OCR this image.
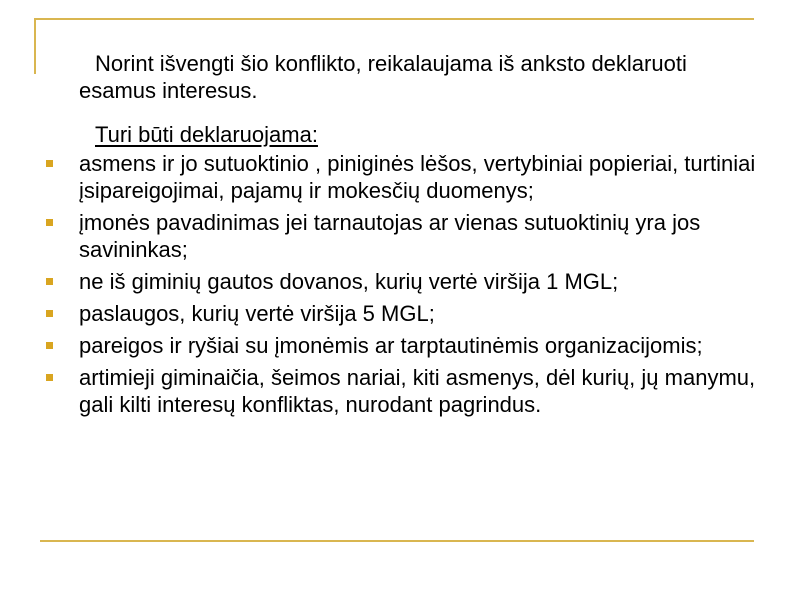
Norint išvengti šio konflikto, reikalaujama iš anksto deklaruoti esamus interesus.

Turi būti deklaruojama:

asmens ir jo sutuoktinio , piniginės lėšos, vertybiniai popieriai, turtiniai įsipareigojimai, pajamų ir mokesčių duomenys;
įmonės pavadinimas jei tarnautojas ar vienas sutuoktinių yra jos savininkas;
ne iš giminių gautos dovanos, kurių vertė viršija 1 MGL;
paslaugos, kurių vertė viršija 5 MGL;
pareigos ir ryšiai su įmonėmis ar tarptautinėmis organizacijomis;
artimieji giminaičia, šeimos nariai, kiti asmenys, dėl kurių, jų manymu, gali kilti interesų konfliktas, nurodant pagrindus.
